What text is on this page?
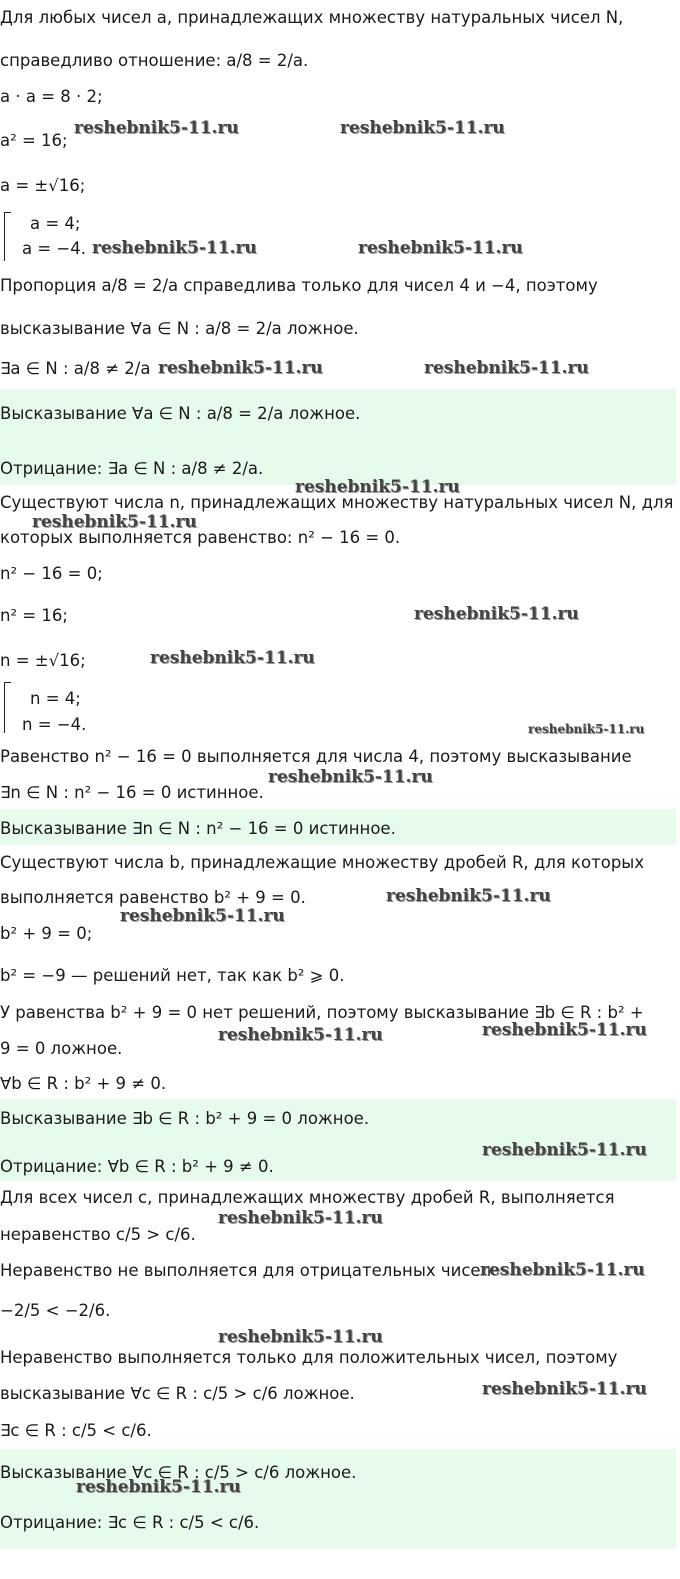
Для любых чисел a, принадлежащих множеству натуральных чисел N,
справедливо отношение: a/8 = 2/a.
a · a = 8 · 2;
a² = 16;
a = ±√16;
a = 4;
a = −4.
Пропорция a/8 = 2/a справедлива только для чисел 4 и −4, поэтому
высказывание ∀a ∈ N : a/8 = 2/a ложное.
∃a ∈ N : a/8 ≠ 2/a
Высказывание ∀a ∈ N : a/8 = 2/a ложное.
Отрицание: ∃a ∈ N : a/8 ≠ 2/a.
Существуют числа n, принадлежащих множеству натуральных чисел N, для
которых выполняется равенство: n² − 16 = 0.
n² − 16 = 0;
n² = 16;
n = ±√16;
n = 4;
n = −4.
Равенство n² − 16 = 0 выполняется для числа 4, поэтому высказывание
∃n ∈ N : n² − 16 = 0 истинное.
Высказывание ∃n ∈ N : n² − 16 = 0 истинное.
Существуют числа b, принадлежащие множеству дробей R, для которых
выполняется равенство b² + 9 = 0.
b² + 9 = 0;
b² = −9 — решений нет, так как b² ⩾ 0.
У равенства b² + 9 = 0 нет решений, поэтому высказывание ∃b ∈ R : b² +
9 = 0 ложное.
∀b ∈ R : b² + 9 ≠ 0.
Высказывание ∃b ∈ R : b² + 9 = 0 ложное.
Отрицание: ∀b ∈ R : b² + 9 ≠ 0.
Для всех чисел c, принадлежащих множеству дробей R, выполняется
неравенство c/5 > c/6.
Неравенство не выполняется для отрицательных чисел.
−2/5 < −2/6.
Неравенство выполняется только для положительных чисел, поэтому
высказывание ∀c ∈ R : c/5 > c/6 ложное.
∃c ∈ R : c/5 < c/6.
Высказывание ∀c ∈ R : c/5 > c/6 ложное.
Отрицание: ∃c ∈ R : c/5 < c/6.
reshebnik5-11.ru	reshebnik5-11.ru
reshebnik5-11.ru	reshebnik5-11.ru
reshebnik5-11.ru	reshebnik5-11.ru
reshebnik5-11.ru
reshebnik5-11.ru
reshebnik5-11.ru
reshebnik5-11.ru
reshebnik5-11.ru
reshebnik5-11.ru
reshebnik5-11.ru
reshebnik5-11.ru
reshebnik5-11.ru
reshebnik5-11.ru
reshebnik5-11.ru
reshebnik5-11.ru
reshebnik5-11.ru
reshebnik5-11.ru
reshebnik5-11.ru
reshebnik5-11.ru
